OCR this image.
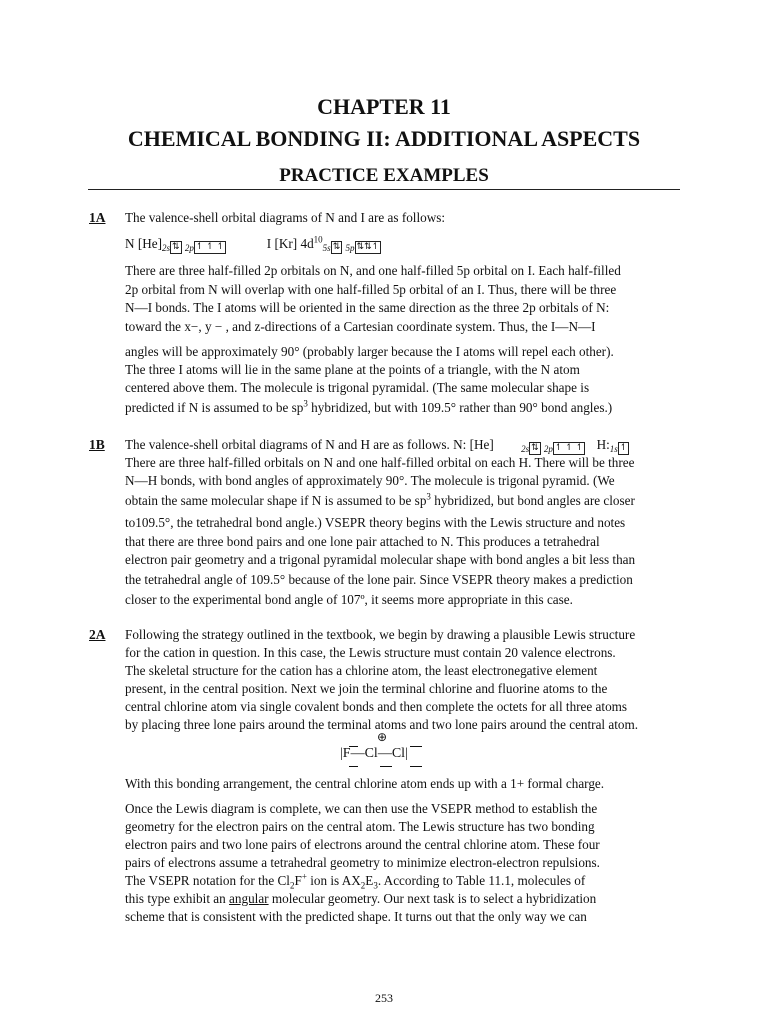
CHAPTER 11
CHEMICAL BONDING II: ADDITIONAL ASPECTS
PRACTICE EXAMPLES
1A The valence-shell orbital diagrams of N and I are as follows:
N $[He]_{2s}$ ⇅ $_{2p}$ ↿ ↿ ↿	I [Kr] $4d^{10}_{5s}$ ⇅ $_{5p}$ ⇅⇅↿
There are three half-filled 2p orbitals on N, and one half-filled 5p orbital on I. Each half-filled
2p orbital from N will overlap with one half-filled 5p orbital of an I. Thus, there will be three
N—I bonds. The I atoms will be oriented in the same direction as the three 2p orbitals of N:
toward the x−, y − , and z-directions of a Cartesian coordinate system. Thus, the I—N—I
angles will be approximately 90° (probably larger because the I atoms will repel each other).
The three I atoms will lie in the same plane at the points of a triangle, with the N atom
centered above them. The molecule is trigonal pyramidal. (The same molecular shape is
predicted if N is assumed to be $sp^3$ hybridized, but with 109.5° rather than 90° bond angles.)
1B The valence-shell orbital diagrams of N and H are as follows. N: [He]	$_{2s}$ ⇅ $_{2p}$ ↿ ↿ ↿ $H:_{1s}$ ↿
There are three half-filled orbitals on N and one half-filled orbital on each H. There will be three
N—H bonds, with bond angles of approximately 90°. The molecule is trigonal pyramid. (We
obtain the same molecular shape if N is assumed to be $sp^3$ hybridized, but bond angles are closer
to109.5°, the tetrahedral bond angle.) VSEPR theory begins with the Lewis structure and notes
that there are three bond pairs and one lone pair attached to N. This produces a tetrahedral
electron pair geometry and a trigonal pyramidal molecular shape with bond angles a bit less than
the tetrahedral angle of 109.5° because of the lone pair. Since VSEPR theory makes a prediction
closer to the experimental bond angle of 107º, it seems more appropriate in this case.
2A Following the strategy outlined in the textbook, we begin by drawing a plausible Lewis structure
for the cation in question. In this case, the Lewis structure must contain 20 valence electrons.
The skeletal structure for the cation has a chlorine atom, the least electronegative element
present, in the central position. Next we join the terminal chlorine and fluorine atoms to the
central chlorine atom via single covalent bonds and then complete the octets for all three atoms
by placing three lone pairs around the terminal atoms and two lone pairs around the central atom.
⊕
|F—Cl—Cl|
With this bonding arrangement, the central chlorine atom ends up with a 1+ formal charge.
Once the Lewis diagram is complete, we can then use the VSEPR method to establish the
geometry for the electron pairs on the central atom. The Lewis structure has two bonding
electron pairs and two lone pairs of electrons around the central chlorine atom. These four
pairs of electrons assume a tetrahedral geometry to minimize electron-electron repulsions.
The VSEPR notation for the $Cl_2F^+$ ion is $AX_2E_3$. According to Table 11.1, molecules of
this type exhibit an angular molecular geometry. Our next task is to select a hybridization
scheme that is consistent with the predicted shape. It turns out that the only way we can
253
